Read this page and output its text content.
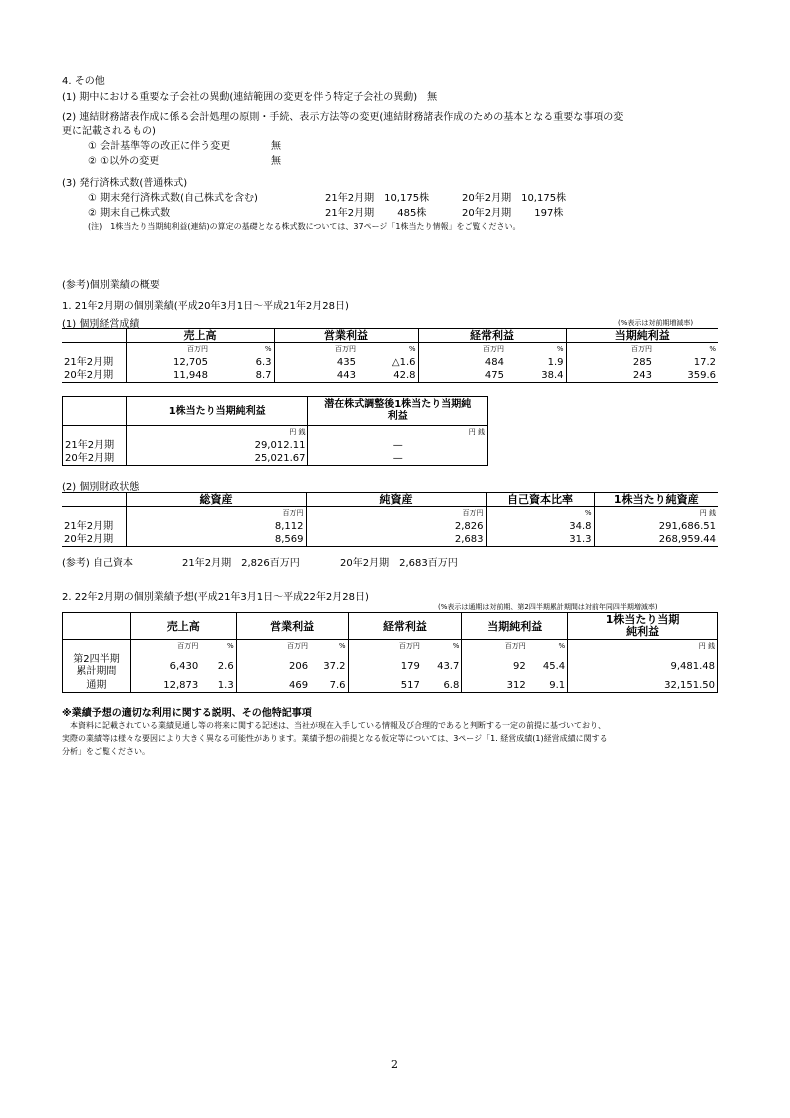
4. その他
(1) 期中における重要な子会社の異動(連結範囲の変更を伴う特定子会社の異動)　無
(2) 連結財務諸表作成に係る会計処理の原則・手続、表示方法等の変更(連結財務諸表作成のための基本となる重要な事項の変
更に記載されるもの)
① 会計基準等の改正に伴う変更	無
② ①以外の変更	無
(3) 発行済株式数(普通株式)
① 期末発行済株式数(自己株式を含む)	21年2月期　10,175株	20年2月期　10,175株
② 期末自己株式数	21年2月期　　 485株	20年2月期　　 197株
(注)　1株当たり当期純利益(連結)の算定の基礎となる株式数については、37ページ「1株当たり情報」をご覧ください。
(参考)個別業績の概要
1. 21年2月期の個別業績(平成20年3月1日～平成21年2月28日)
(1) 個別経営成績	(%表示は対前期増減率)
	売上高		営業利益		経常利益		当期純利益	
	百万円	%	百万円	%	百万円	%	百万円	%
21年2月期	12,705	6.3	435	△1.6	484	1.9	285	17.2
20年2月期	11,948	8.7	443	42.8	475	38.4	243	359.6
	1株当たり当期純利益	潜在株式調整後1株当たり当期純
利益

	円 銭	円 銭
21年2月期	29,012.11	—
20年2月期	25,021.67	—
(2) 個別財政状態
	総資産	純資産	自己資本比率	1株当たり純資産
	百万円	百万円	%	円 銭
21年2月期	8,112	2,826	34.8	291,686.51
20年2月期	8,569	2,683	31.3	268,959.44
(参考) 自己資本	21年2月期　2,826百万円	20年2月期　2,683百万円
2. 22年2月期の個別業績予想(平成21年3月1日～平成22年2月28日)
(%表示は通期は対前期、第2四半期累計期間は対前年同四半期増減率)
	売上高		営業利益		経常利益		当期純利益		1株当たり当期
純利益

	百万円	%	百万円	%	百万円	%	百万円	%	円 銭

第2四半期
累計期間	6,430	2.6	206	37.2	179	43.7	92	45.4	9,481.48
通期	12,873	1.3	469	7.6	517	6.8	312	9.1	32,151.50
※業績予想の適切な利用に関する説明、その他特記事項
　本資料に記載されている業績見通し等の将来に関する記述は、当社が現在入手している情報及び合理的であると判断する一定の前提に基づいており、
実際の業績等は様々な要因により大きく異なる可能性があります。業績予想の前提となる仮定等については、3ページ「1. 経営成績(1)経営成績に関する
分析」をご覧ください。
2
